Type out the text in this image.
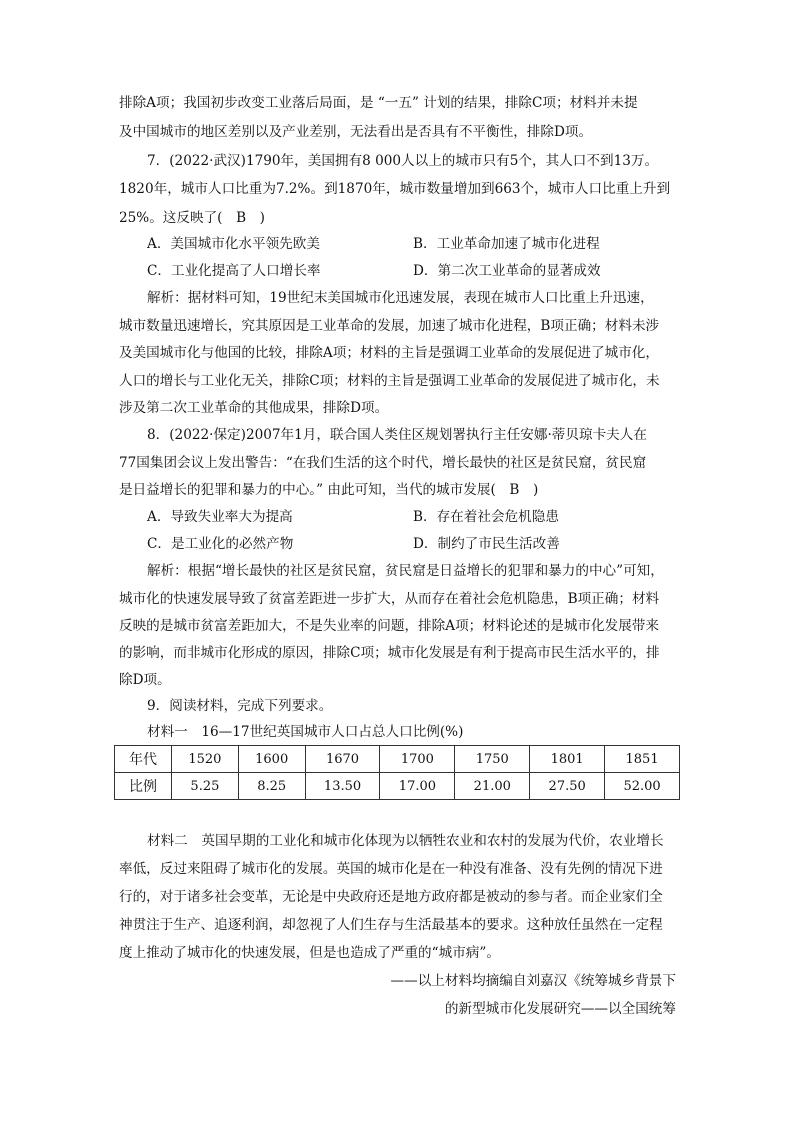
排除A项；我国初步改变工业落后局面，是 “一五” 计划的结果，排除C项；材料并未提

及中国城市的地区差别以及产业差别，无法看出是否具有不平衡性，排除D项。

7．(2022·武汉)1790年，美国拥有8 000人以上的城市只有5个，其人口不到13万。

1820年，城市人口比重为7.2%。到1870年，城市数量增加到663个，城市人口比重上升到

25%。这反映了(　B　)

A．美国城市化水平领先欧美	B．工业革命加速了城市化进程
C．工业化提高了人口增长率	D．第二次工业革命的显著成效

解析：据材料可知，19世纪末美国城市化迅速发展，表现在城市人口比重上升迅速，

城市数量迅速增长，究其原因是工业革命的发展，加速了城市化进程，B项正确；材料未涉

及美国城市化与他国的比较，排除A项；材料的主旨是强调工业革命的发展促进了城市化，

人口的增长与工业化无关，排除C项；材料的主旨是强调工业革命的发展促进了城市化，未

涉及第二次工业革命的其他成果，排除D项。

8．(2022·保定)2007年1月，联合国人类住区规划署执行主任安娜·蒂贝琼卡夫人在

77国集团会议上发出警告：“在我们生活的这个时代，增长最快的社区是贫民窟，贫民窟

是日益增长的犯罪和暴力的中心。” 由此可知，当代的城市发展(　B　)

A．导致失业率大为提高	B．存在着社会危机隐患
C．是工业化的必然产物	D．制约了市民生活改善

解析：根据“增长最快的社区是贫民窟，贫民窟是日益增长的犯罪和暴力的中心”可知，

城市化的快速发展导致了贫富差距进一步扩大，从而存在着社会危机隐患，B项正确；材料

反映的是城市贫富差距加大，不是失业率的问题，排除A项；材料论述的是城市化发展带来

的影响，而非城市化形成的原因，排除C项；城市化发展是有利于提高市民生活水平的，排

除D项。

9．阅读材料，完成下列要求。

材料一　16—17世纪英国城市人口占总人口比例(%)

年代	1520	1600	1670	1700	1750	1801	1851
比例	5.25	8.25	13.50	17.00	21.00	27.50	52.00

材料二　英国早期的工业化和城市化体现为以牺牲农业和农村的发展为代价，农业增长

率低，反过来阻碍了城市化的发展。英国的城市化是在一种没有准备、没有先例的情况下进

行的，对于诸多社会变革，无论是中央政府还是地方政府都是被动的参与者。而企业家们全

神贯注于生产、追逐利润，却忽视了人们生存与生活最基本的要求。这种放任虽然在一定程

度上推动了城市化的快速发展，但是也造成了严重的“城市病”。

——以上材料均摘编自刘嘉汉《统筹城乡背景下
的新型城市化发展研究——以全国统筹
